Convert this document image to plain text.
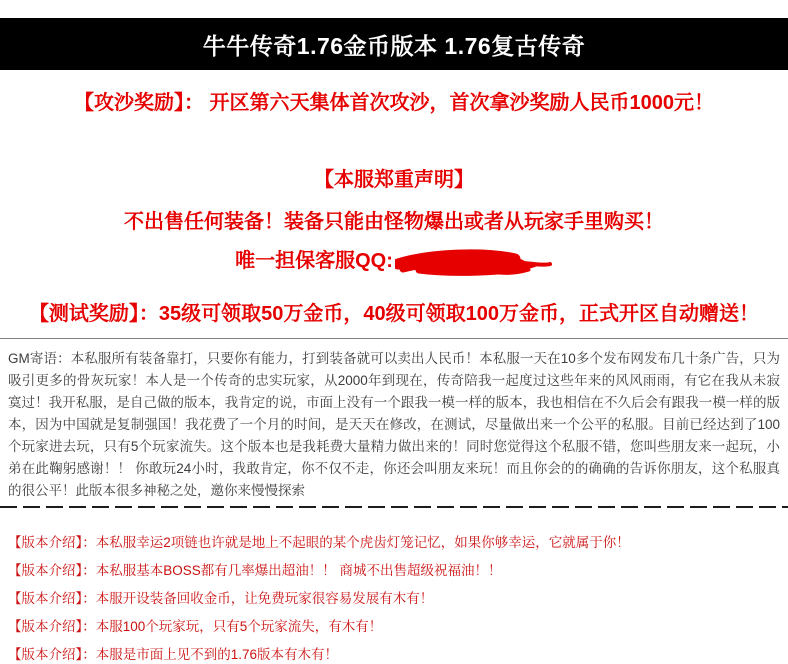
牛牛传奇1.76金币版本 1.76复古传奇
【攻沙奖励】： 开区第六天集体首次攻沙，首次拿沙奖励人民币1000元！
【本服郑重声明】
不出售任何装备！装备只能由怪物爆出或者从玩家手里购买！
唯一担保客服QQ:
【测试奖励】：35级可领取50万金币，40级可领取100万金币，正式开区自动赠送！
GM寄语：本私服所有装备靠打，只要你有能力，打到装备就可以卖出人民币！本私服一天在10多个发布网发布几十条广告，只为吸引更多的骨灰玩家！本人是一个传奇的忠实玩家，从2000年到现在，传奇陪我一起度过这些年来的风风雨雨，有它在我从未寂寞过！我开私服，是自己做的版本，我肯定的说，市面上没有一个跟我一模一样的版本，我也相信在不久后会有跟我一模一样的版本，因为中国就是复制强国！我花费了一个月的时间，是天天在修改，在测试，尽量做出来一个公平的私服。目前已经达到了100个玩家进去玩，只有5个玩家流失。这个版本也是我耗费大量精力做出来的！同时您觉得这个私服不错，您叫些朋友来一起玩，小弟在此鞠躬感谢！！ 你敢玩24小时，我敢肯定，你不仅不走，你还会叫朋友来玩！而且你会的的确确的告诉你朋友，这个私服真的很公平！此版本很多神秘之处，邀你来慢慢探索
【版本介绍】：本私服幸运2项链也许就是地上不起眼的某个虎齿灯笼记忆，如果你够幸运，它就属于你！
【版本介绍】：本私服基本BOSS都有几率爆出超油！！ 商城不出售超级祝福油！！
【版本介绍】：本服开设装备回收金币，让免费玩家很容易发展有木有！
【版本介绍】：本服100个玩家玩，只有5个玩家流失，有木有！
【版本介绍】：本服是市面上见不到的1.76版本有木有！
